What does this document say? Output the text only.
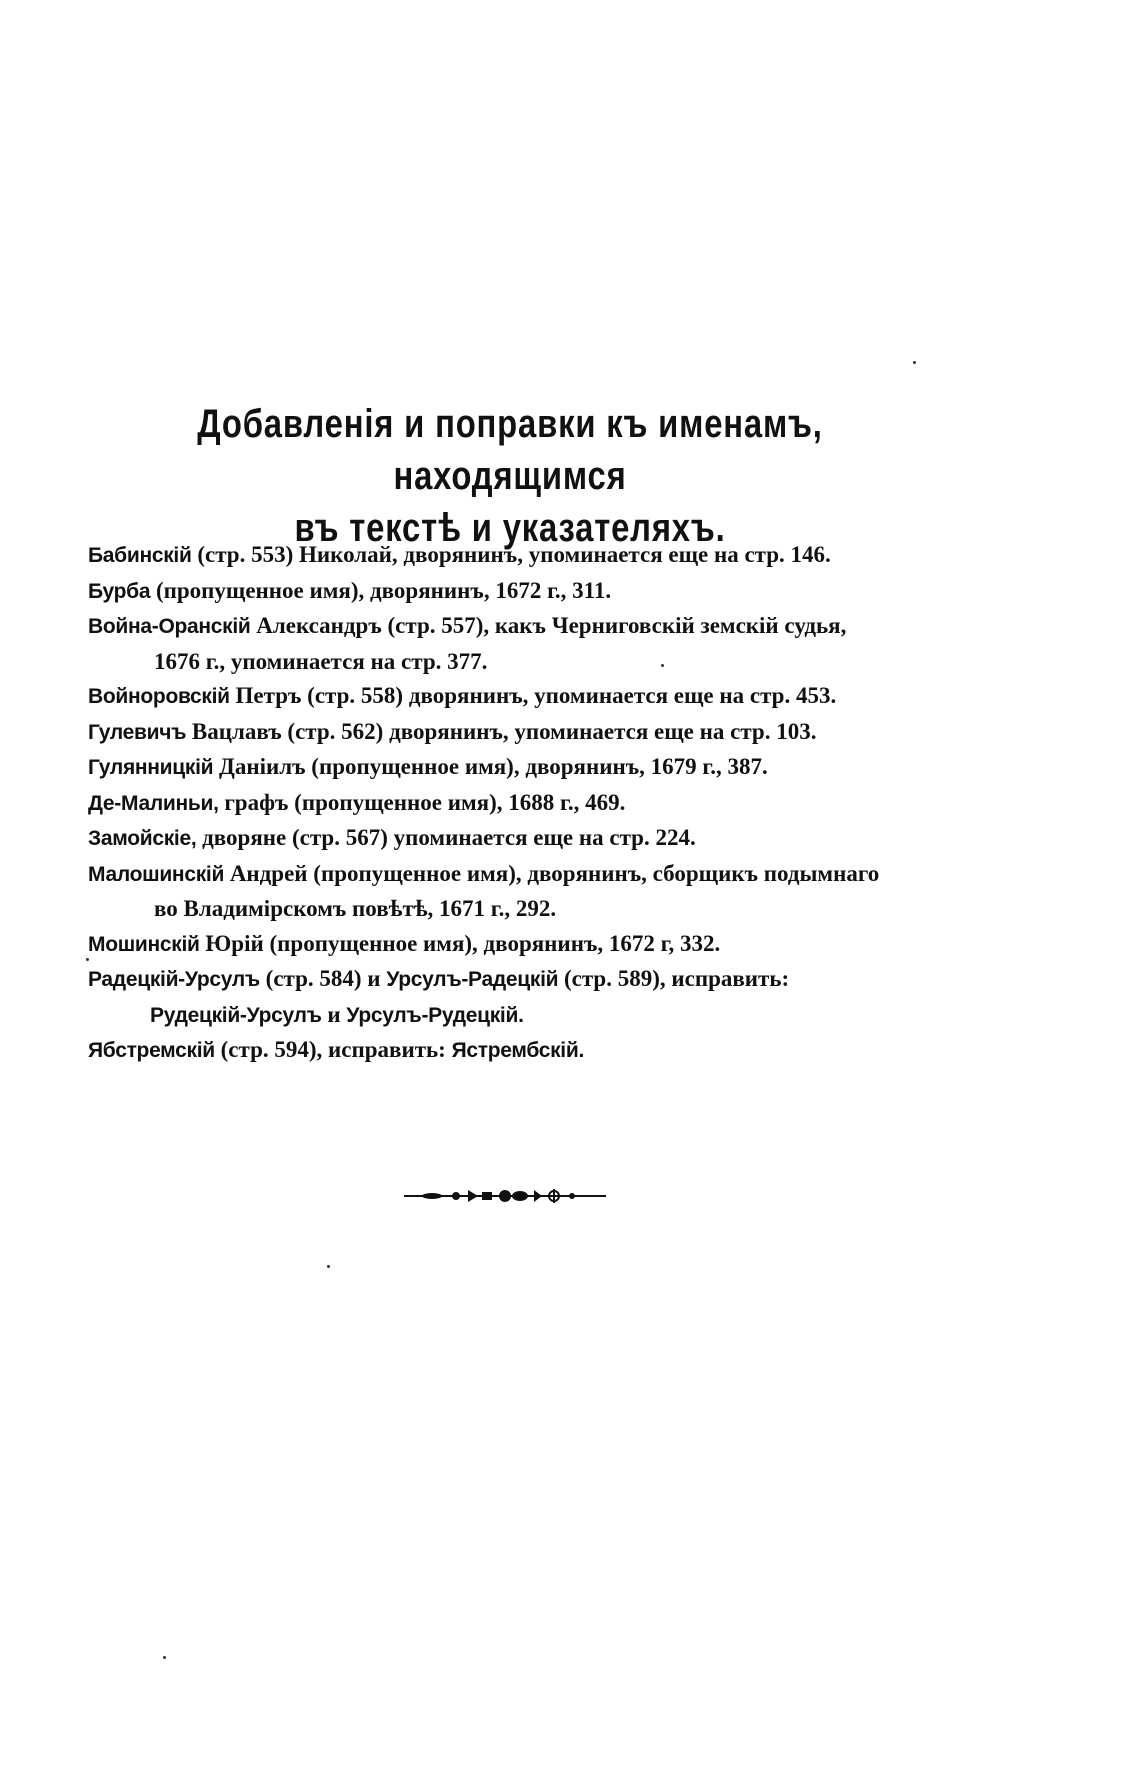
Добавленія и поправки къ именамъ, находящимся
въ текстѣ и указателяхъ.
Бабинскій (стр. 553) Николай, дворянинъ, упоминается еще на стр. 146.
Бурба (пропущенное имя), дворянинъ, 1672 г., 311.
Война-Оранскій Александръ (стр. 557), какъ Черниговскій земскій судья,
1676 г., упоминается на стр. 377.
Войноровскій Петръ (стр. 558) дворянинъ, упоминается еще на стр. 453.
Гулевичъ Вацлавъ (стр. 562) дворянинъ, упоминается еще на стр. 103.
Гулянницкій Даніилъ (пропущенное имя), дворянинъ, 1679 г., 387.
Де-Малиньи, графъ (пропущенное имя), 1688 г., 469.
Замойскіе, дворяне (стр. 567) упоминается еще на стр. 224.
Малошинскій Андрей (пропущенное имя), дворянинъ, сборщикъ подымнаго
во Владимірскомъ повѣтѣ, 1671 г., 292.
Мошинскій Юрій (пропущенное имя), дворянинъ, 1672 г, 332.
Радецкій-Урсулъ (стр. 584) и Урсулъ-Радецкій (стр. 589), исправить:
Рудецкій-Урсулъ и Урсулъ-Рудецкій.
Ябстремскій (стр. 594), исправить: Ястрембскій.
